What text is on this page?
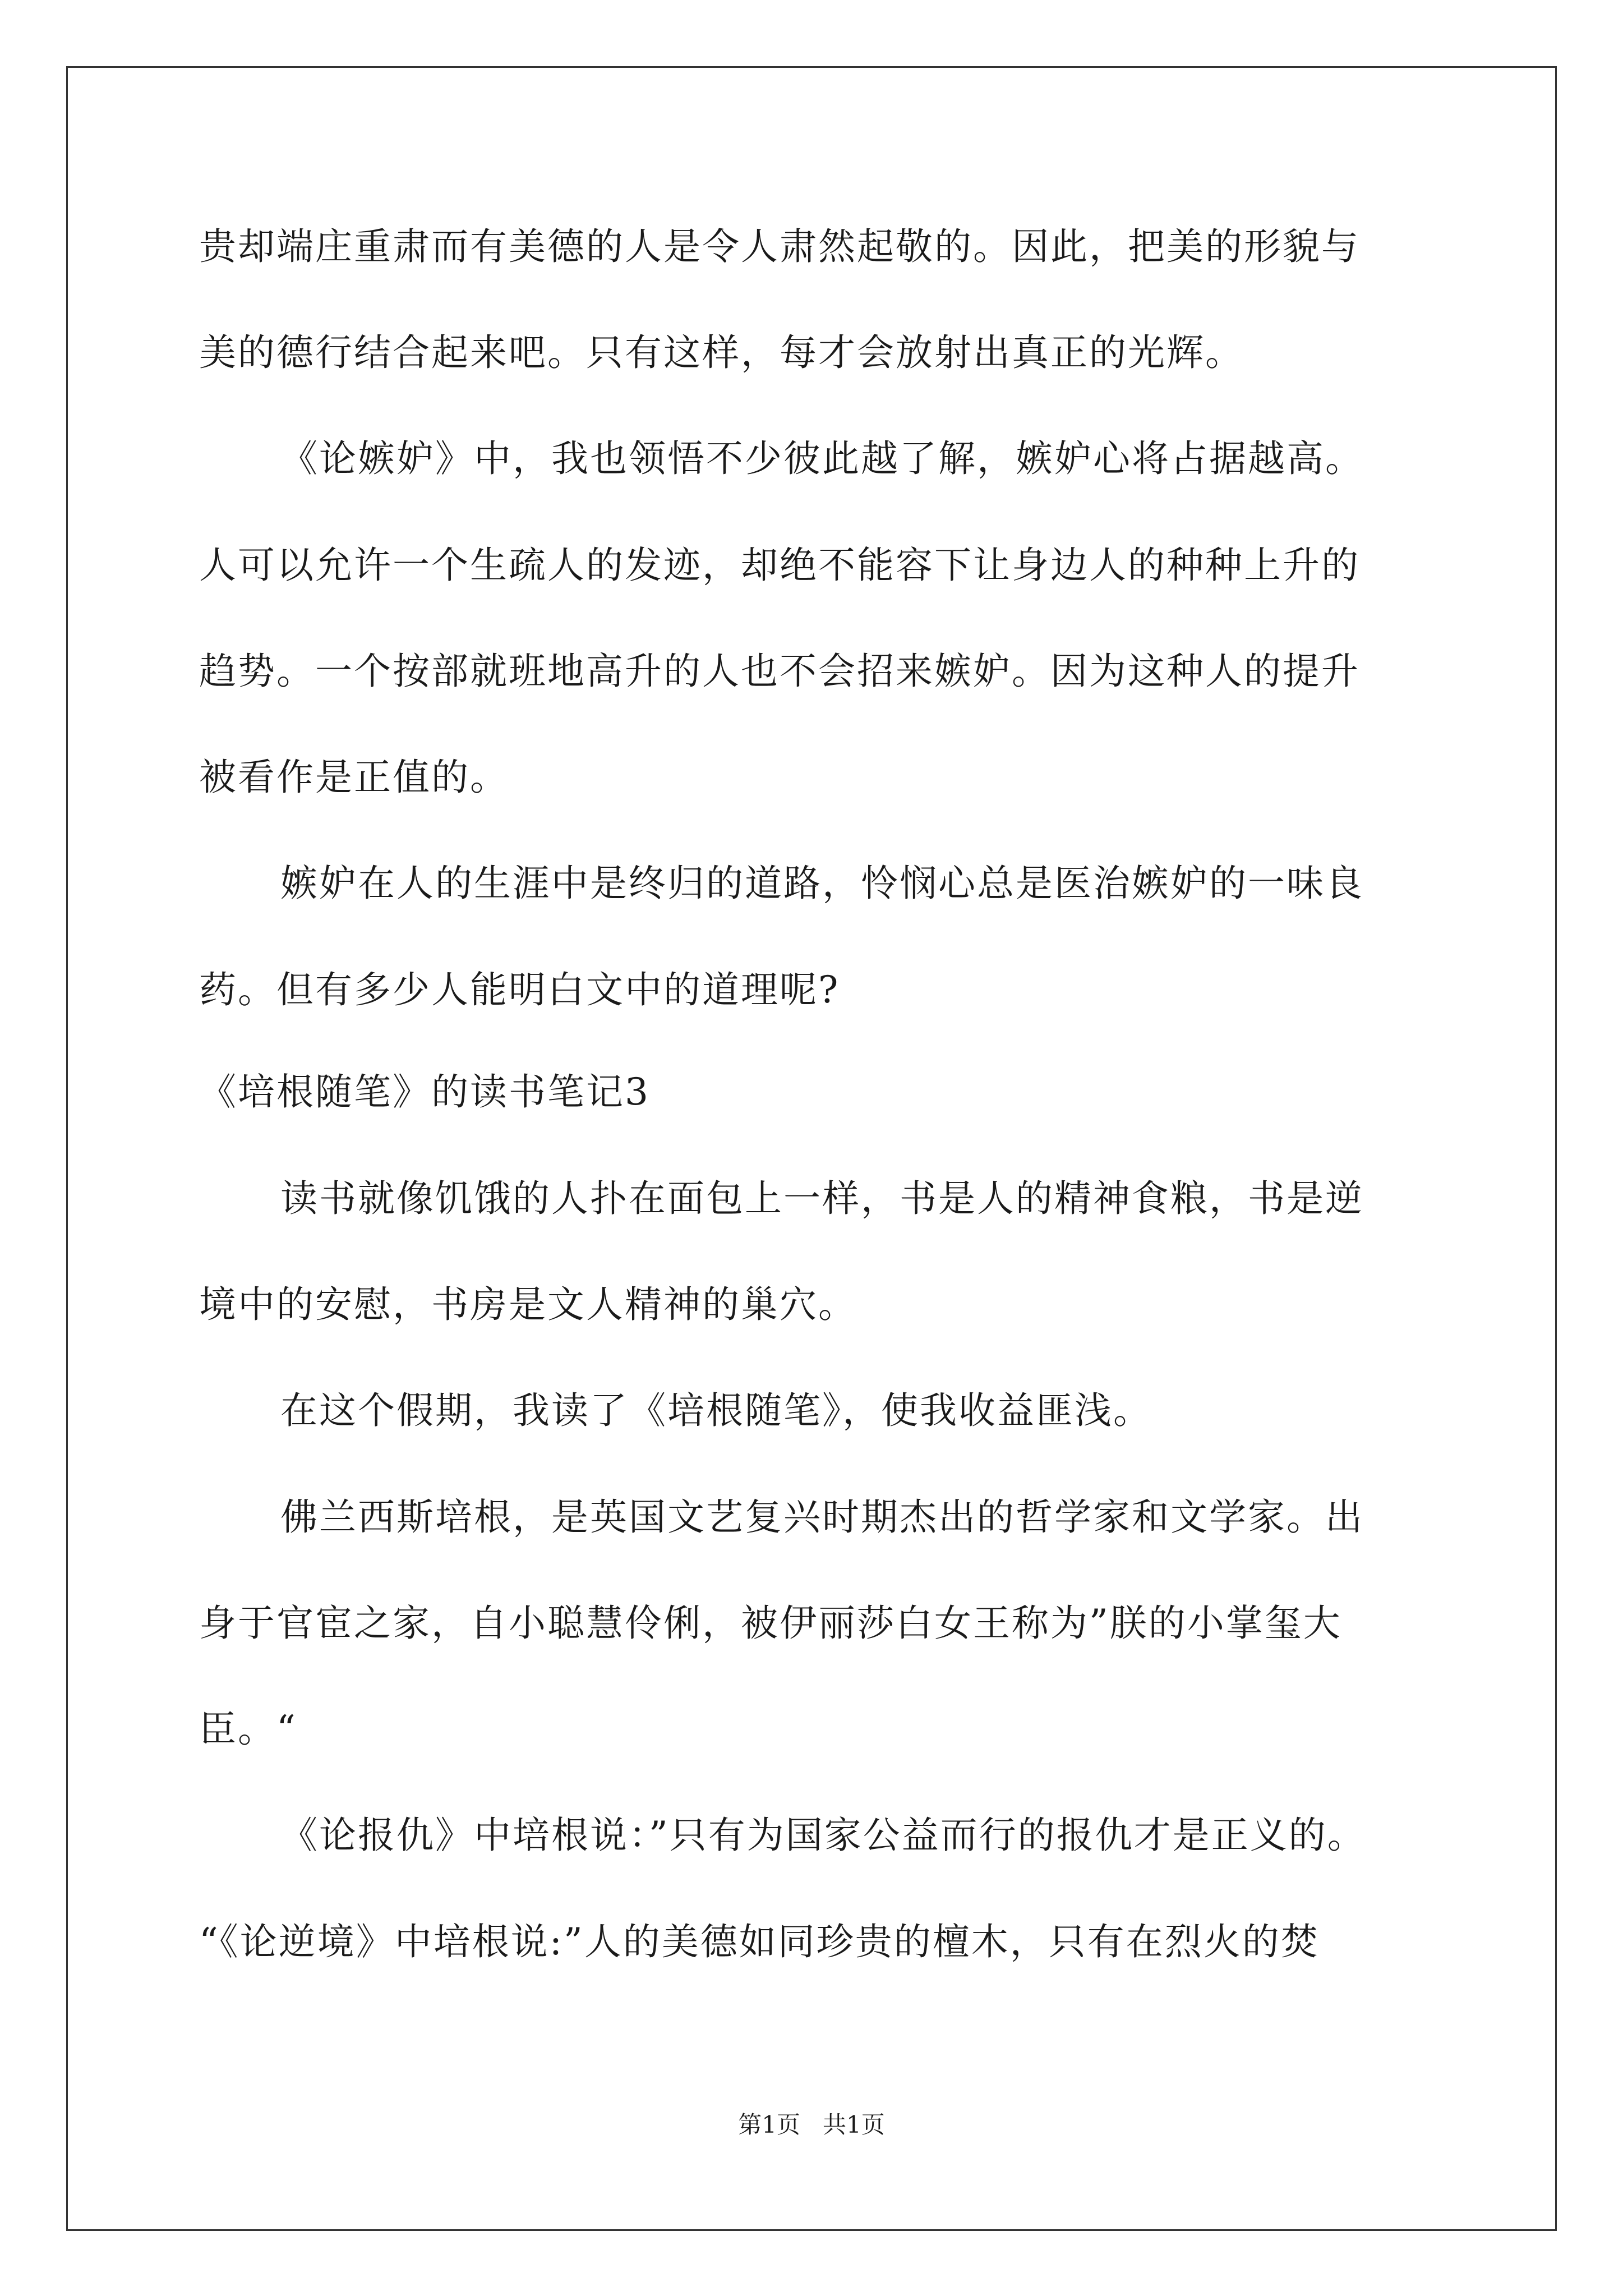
贵却端庄重肃而有美德的人是令人肃然起敬的。因此，把美的形貌与
美的德行结合起来吧。只有这样，每才会放射出真正的光辉。
《论嫉妒》中，我也领悟不少彼此越了解，嫉妒心将占据越高。
人可以允许一个生疏人的发迹，却绝不能容下让身边人的种种上升的
趋势。一个按部就班地高升的人也不会招来嫉妒。因为这种人的提升
被看作是正值的。
嫉妒在人的生涯中是终归的道路，怜悯心总是医治嫉妒的一味良
药。但有多少人能明白文中的道理呢?
《培根随笔》的读书笔记3
读书就像饥饿的人扑在面包上一样，书是人的精神食粮，书是逆
境中的安慰，书房是文人精神的巢穴。
在这个假期，我读了《培根随笔》，使我收益匪浅。
佛兰西斯培根，是英国文艺复兴时期杰出的哲学家和文学家。出
身于官宦之家，自小聪慧伶俐，被伊丽莎白女王称为”朕的小掌玺大
臣。“
《论报仇》中培根说：”只有为国家公益而行的报仇才是正义的。
“《论逆境》中培根说:”人的美德如同珍贵的檀木，只有在烈火的焚
第1页   共1页
